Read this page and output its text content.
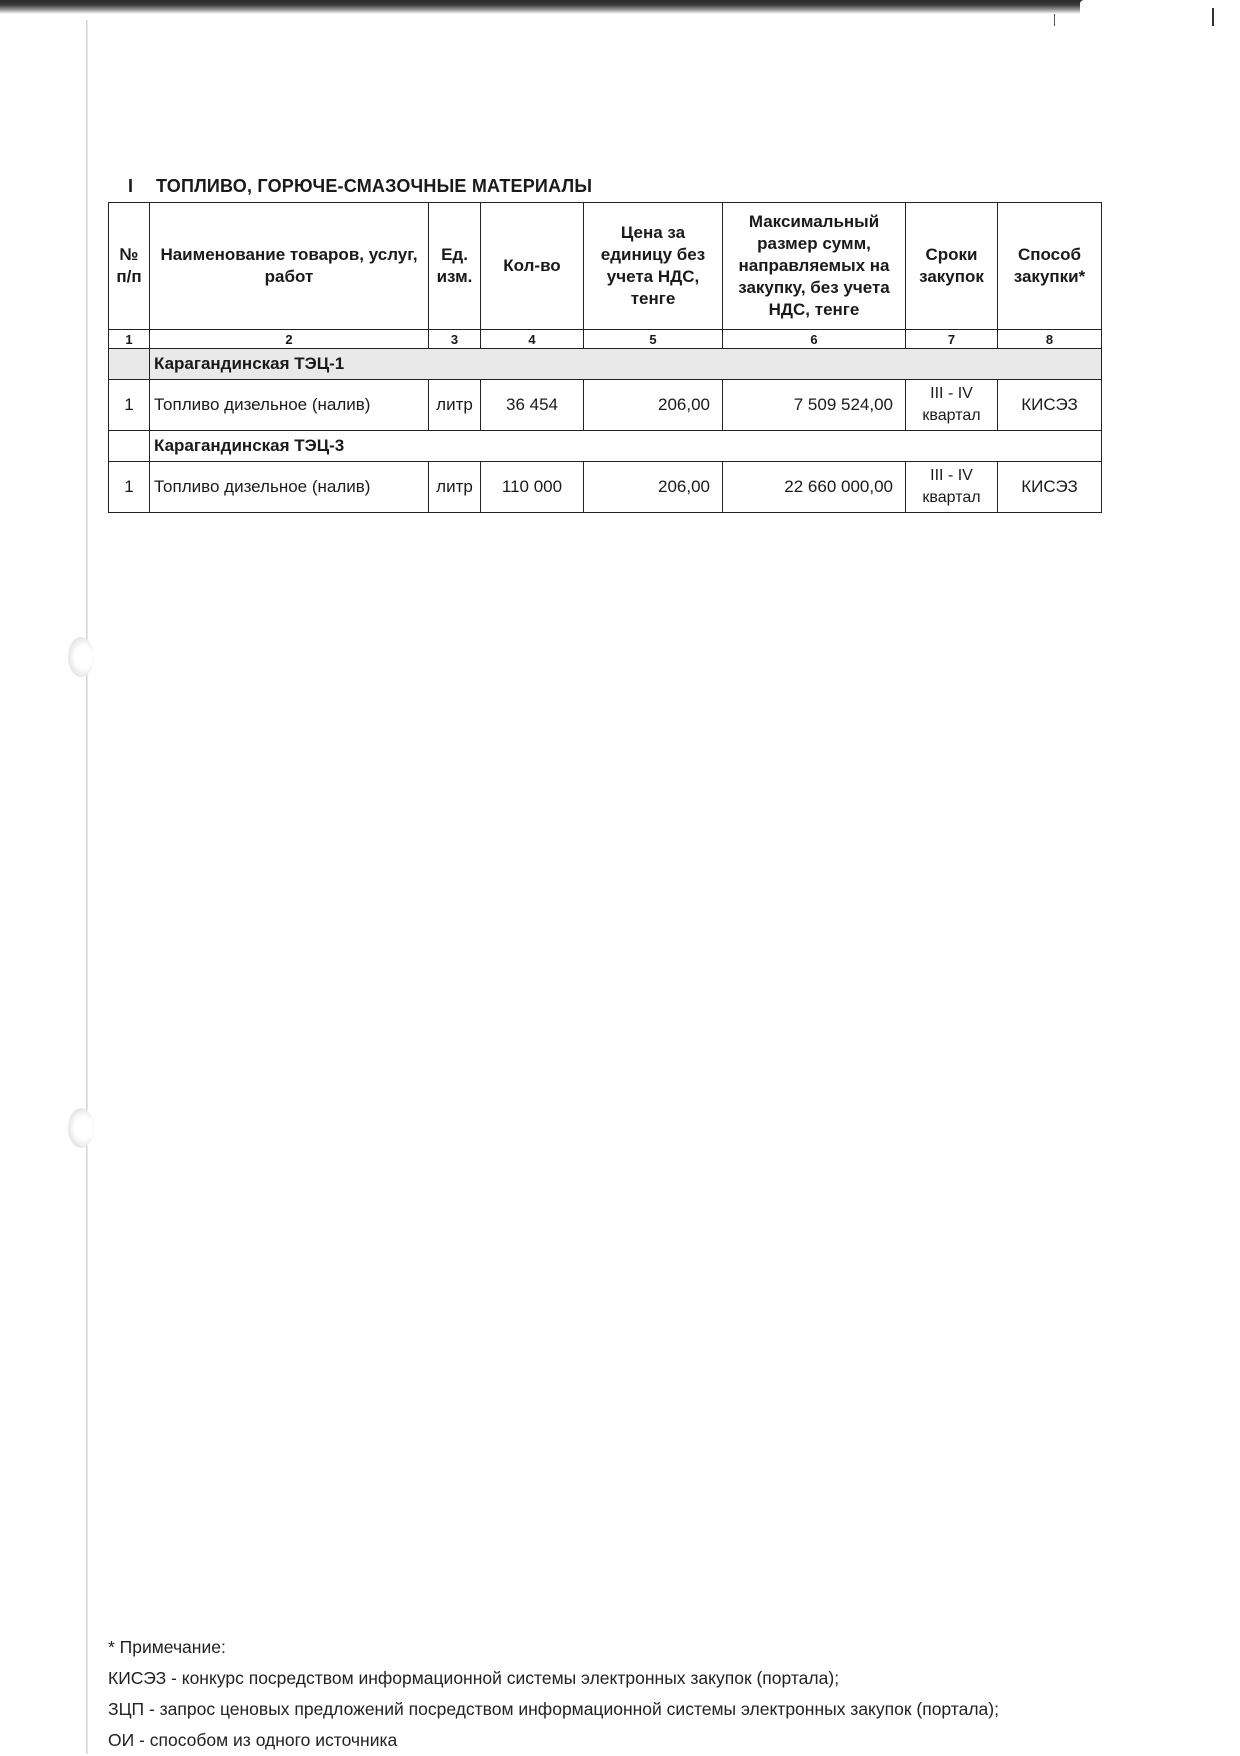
I ТОПЛИВО, ГОРЮЧЕ-СМАЗОЧНЫЕ МАТЕРИАЛЫ
№ п/п	Наименование товаров, услуг, работ	Ед. изм.	Кол-во	Цена за единицу без учета НДС, тенге	Максимальный размер сумм, направляемых на закупку, без учета НДС, тенге	Сроки закупок	Способ закупки*
1	2	3	4	5	6	7	8
	Карагандинская ТЭЦ-1						
1	Топливо дизельное (налив)	литр	36 454	206,00	7 509 524,00	III - IV квартал	КИСЭЗ
	Карагандинская ТЭЦ-3						
1	Топливо дизельное (налив)	литр	110 000	206,00	22 660 000,00	III - IV квартал	КИСЭЗ

* Примечание:

КИСЭЗ - конкурс посредством информационной системы электронных закупок (портала);

ЗЦП - запрос ценовых предложений посредством информационной системы электронных закупок (портала);

ОИ - способом из одного источника
